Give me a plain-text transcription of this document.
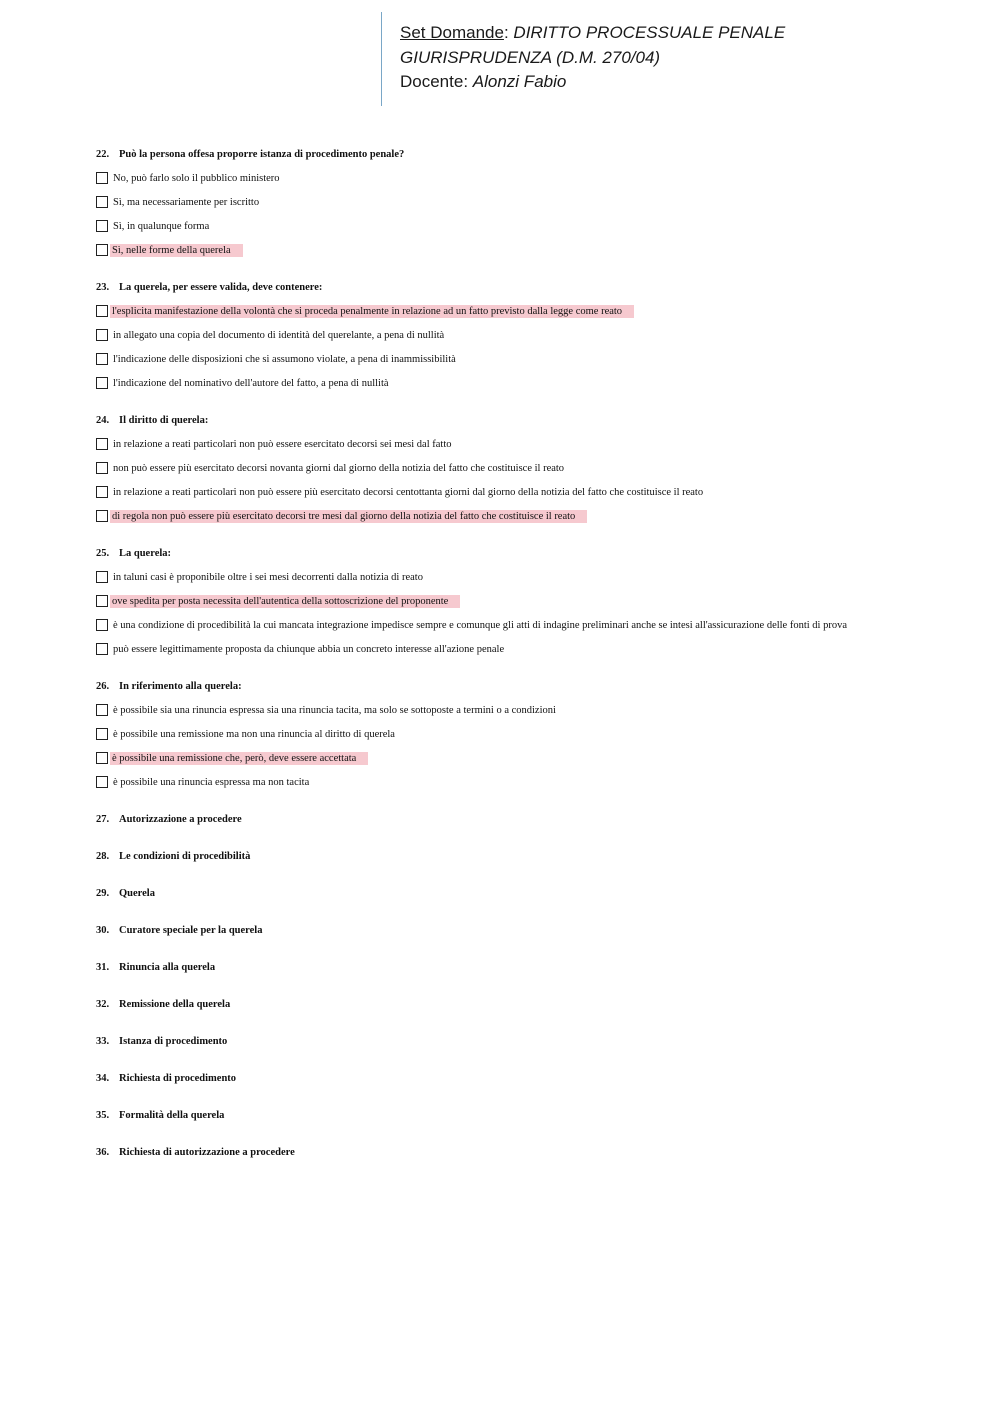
Set Domande: DIRITTO PROCESSUALE PENALE
GIURISPRUDENZA (D.M. 270/04)
Docente: Alonzi Fabio
22. Può la persona offesa proporre istanza di procedimento penale?
No, può farlo solo il pubblico ministero
Sì, ma necessariamente per iscritto
Sì, in qualunque forma
Sì, nelle forme della querela
23. La querela, per essere valida, deve contenere:
l'esplicita manifestazione della volontà che si proceda penalmente in relazione ad un fatto previsto dalla legge come reato
in allegato una copia del documento di identità del querelante, a pena di nullità
l'indicazione delle disposizioni che si assumono violate, a pena di inammissibilità
l'indicazione del nominativo dell'autore del fatto, a pena di nullità
24. Il diritto di querela:
in relazione a reati particolari non può essere esercitato decorsi sei mesi dal fatto
non può essere più esercitato decorsi novanta giorni dal giorno della notizia del fatto che costituisce il reato
in relazione a reati particolari non può essere più esercitato decorsi centottanta giorni dal giorno della notizia del fatto che costituisce il reato
di regola non può essere più esercitato decorsi tre mesi dal giorno della notizia del fatto che costituisce il reato
25. La querela:
in taluni casi è proponibile oltre i sei mesi decorrenti dalla notizia di reato
ove spedita per posta necessita dell'autentica della sottoscrizione del proponente
è una condizione di procedibilità la cui mancata integrazione impedisce sempre e comunque gli atti di indagine preliminari anche se intesi all'assicurazione delle fonti di prova
può essere legittimamente proposta da chiunque abbia un concreto interesse all'azione penale
26. In riferimento alla querela:
è possibile sia una rinuncia espressa sia una rinuncia tacita, ma solo se sottoposte a termini o a condizioni
è possibile una remissione ma non una rinuncia al diritto di querela
è possibile una remissione che, però, deve essere accettata
è possibile una rinuncia espressa ma non tacita
27. Autorizzazione a procedere
28. Le condizioni di procedibilità
29. Querela
30. Curatore speciale per la querela
31. Rinuncia alla querela
32. Remissione della querela
33. Istanza di procedimento
34. Richiesta di procedimento
35. Formalità della querela
36. Richiesta di autorizzazione a procedere
